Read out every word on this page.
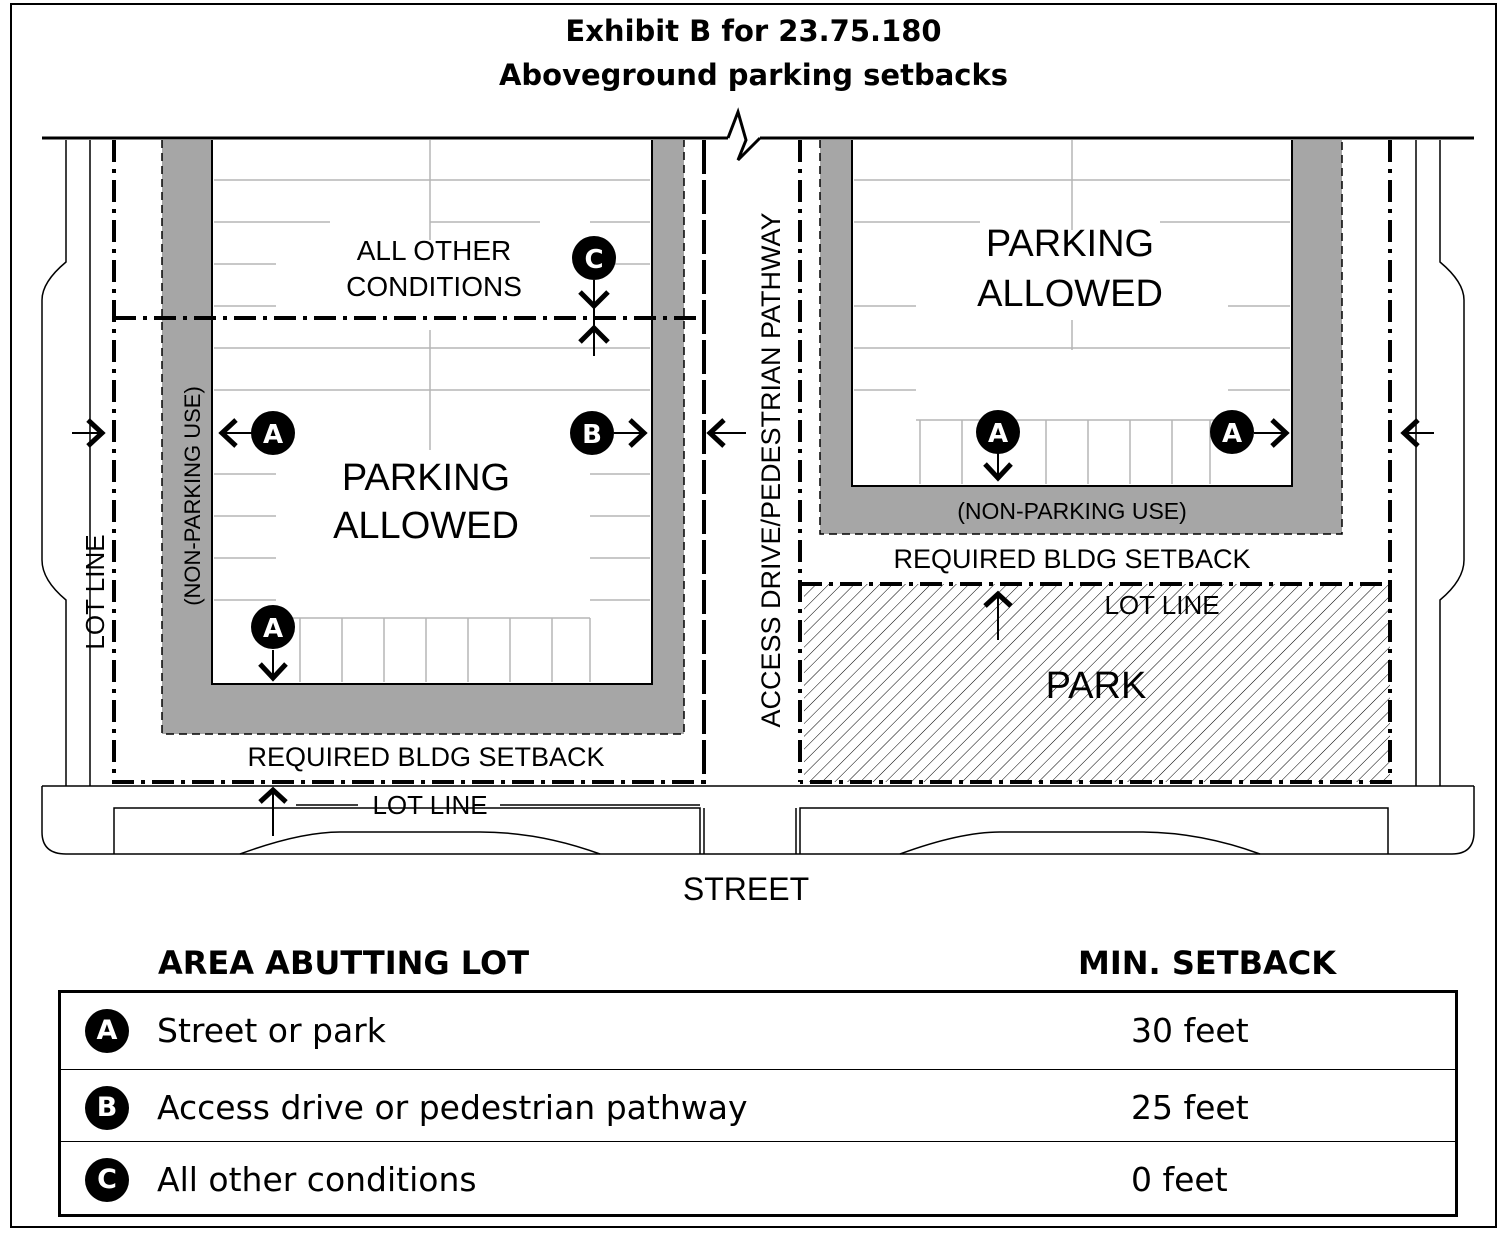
Exhibit B for 23.75.180
Aboveground parking setbacks
A	B
C
A
A	A
ALL OTHER
CONDITIONS
PARKING
ALLOWED
(NON-PARKING USE)
REQUIRED BLDG SETBACK
LOT LINE
LOT LINE
ACCESS DRIVE/PEDESTRIAN PATHWAY	PARKING
ALLOWED
(NON-PARKING USE)
REQUIRED BLDG SETBACK
LOT LINE
PARK
STREET
AREA ABUTTING LOT	MIN. SETBACK
A	Street or park	30 feet
B	Access drive or pedestrian pathway	25 feet
C	All other conditions	0 feet
